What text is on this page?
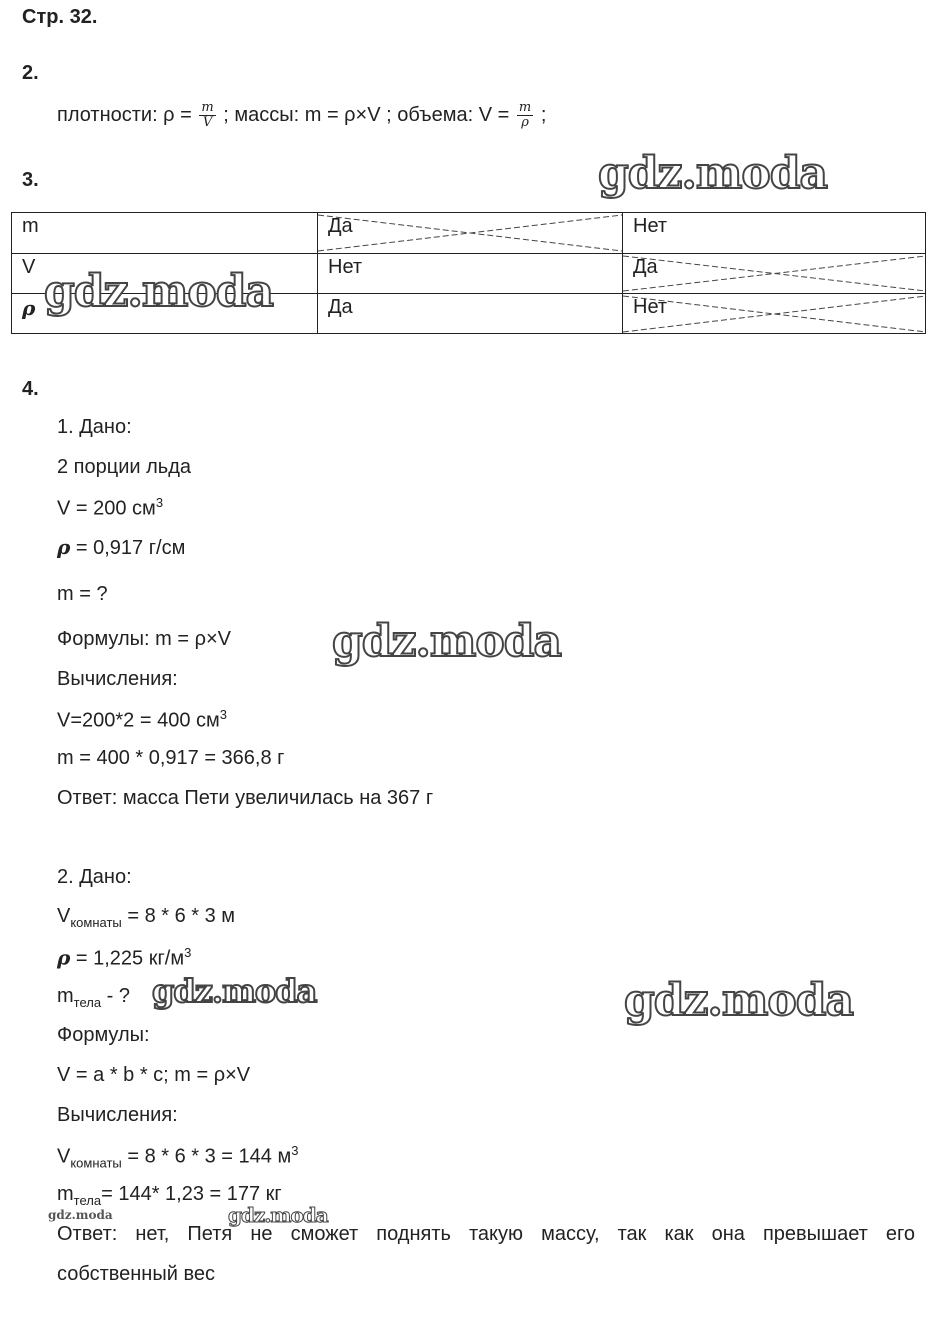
Стр. 32.
2.
плотности: $\rho = \frac{m}{V}$ ; массы: m = ρ×V ; объема: $V = \frac{m}{\rho}$ ;
3.	gdz.moda
m	Да	Нет
V	Нет	Да
ρ	Да	Нет
gdz.moda
4.
1. Дано:
2 порции льда
V = 200 $см^3$
ρ = 0,917 г/см
m = ?
Формулы: m = ρ×V gdz.moda
Вычисления:
V=200*2 = 400 $см^3$
m = 400 * 0,917 = 366,8 г
Ответ: масса Пети увеличилась на 367 г
2. Дано:
$V_{комнаты} = 8 * 6 * 3$ м
ρ = 1,225 $кг/м^3$
$m_{тела}$ - ? gdz.moda	gdz.moda
Формулы:
V = a * b * c; m = ρ×V
Вычисления:
$V_{комнаты} = 8 * 6 * 3 = 144$ $м^3$
$m_{тела}= 144*$ 1,23 = 177 кг
gdz.moda	gdz.moda
Ответ: нет, Петя не сможет поднять такую массу, так как она превышает его
собственный вес
